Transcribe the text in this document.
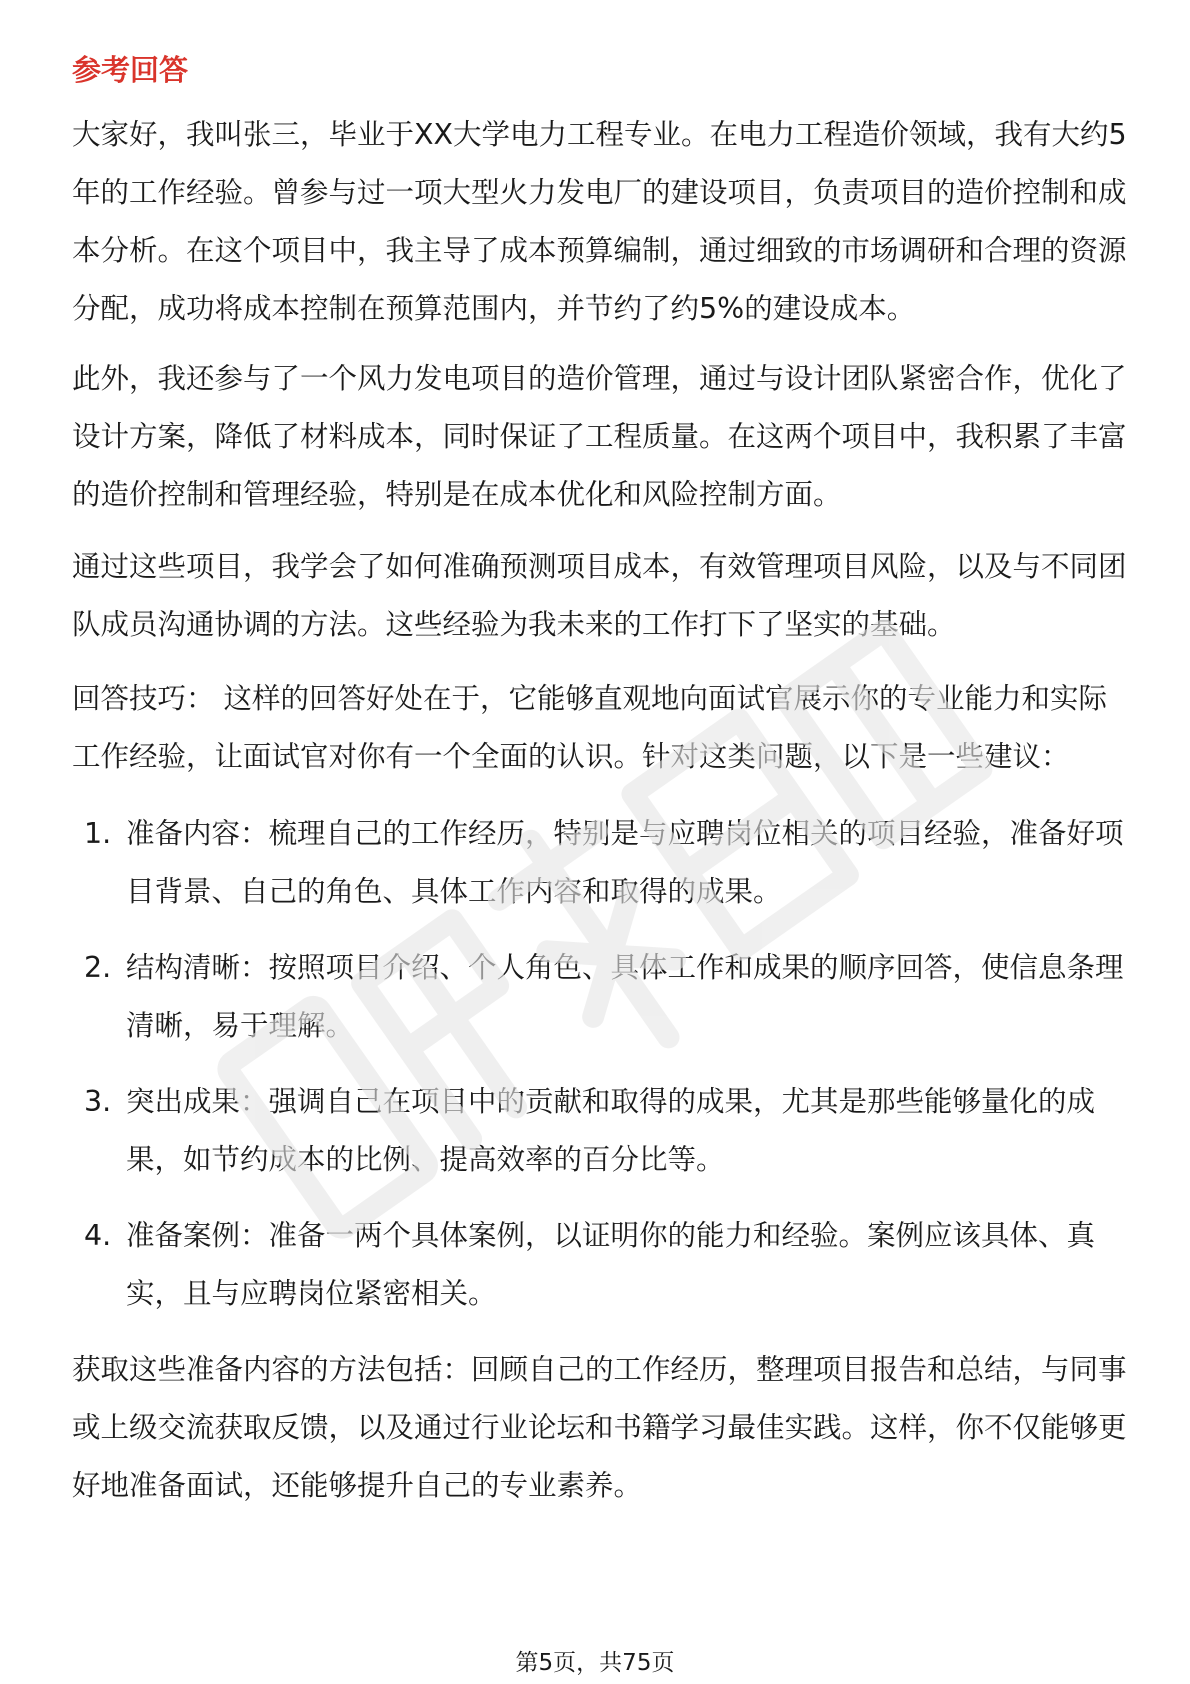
参考回答

大家好，我叫张三，毕业于XX大学电力工程专业。在电力工程造价领域，我有大约5年的工作经验。曾参与过一项大型火力发电厂的建设项目，负责项目的造价控制和成本分析。在这个项目中，我主导了成本预算编制，通过细致的市场调研和合理的资源分配，成功将成本控制在预算范围内，并节约了约5%的建设成本。

此外，我还参与了一个风力发电项目的造价管理，通过与设计团队紧密合作，优化了设计方案，降低了材料成本，同时保证了工程质量。在这两个项目中，我积累了丰富的造价控制和管理经验，特别是在成本优化和风险控制方面。

通过这些项目，我学会了如何准确预测项目成本，有效管理项目风险，以及与不同团队成员沟通协调的方法。这些经验为我未来的工作打下了坚实的基础。

回答技巧： 这样的回答好处在于，它能够直观地向面试官展示你的专业能力和实际工作经验，让面试官对你有一个全面的认识。针对这类问题，以下是一些建议：

1. 准备内容：梳理自己的工作经历，特别是与应聘岗位相关的项目经验，准备好项目背景、自己的角色、具体工作内容和取得的成果。
2. 结构清晰：按照项目介绍、个人角色、具体工作和成果的顺序回答，使信息条理清晰，易于理解。
3. 突出成果：强调自己在项目中的贡献和取得的成果，尤其是那些能够量化的成果，如节约成本的比例、提高效率的百分比等。
4. 准备案例：准备一两个具体案例，以证明你的能力和经验。案例应该具体、真实，且与应聘岗位紧密相关。

获取这些准备内容的方法包括：回顾自己的工作经历，整理项目报告和总结，与同事或上级交流获取反馈，以及通过行业论坛和书籍学习最佳实践。这样，你不仅能够更好地准备面试，还能够提升自己的专业素养。

第5页，共75页
